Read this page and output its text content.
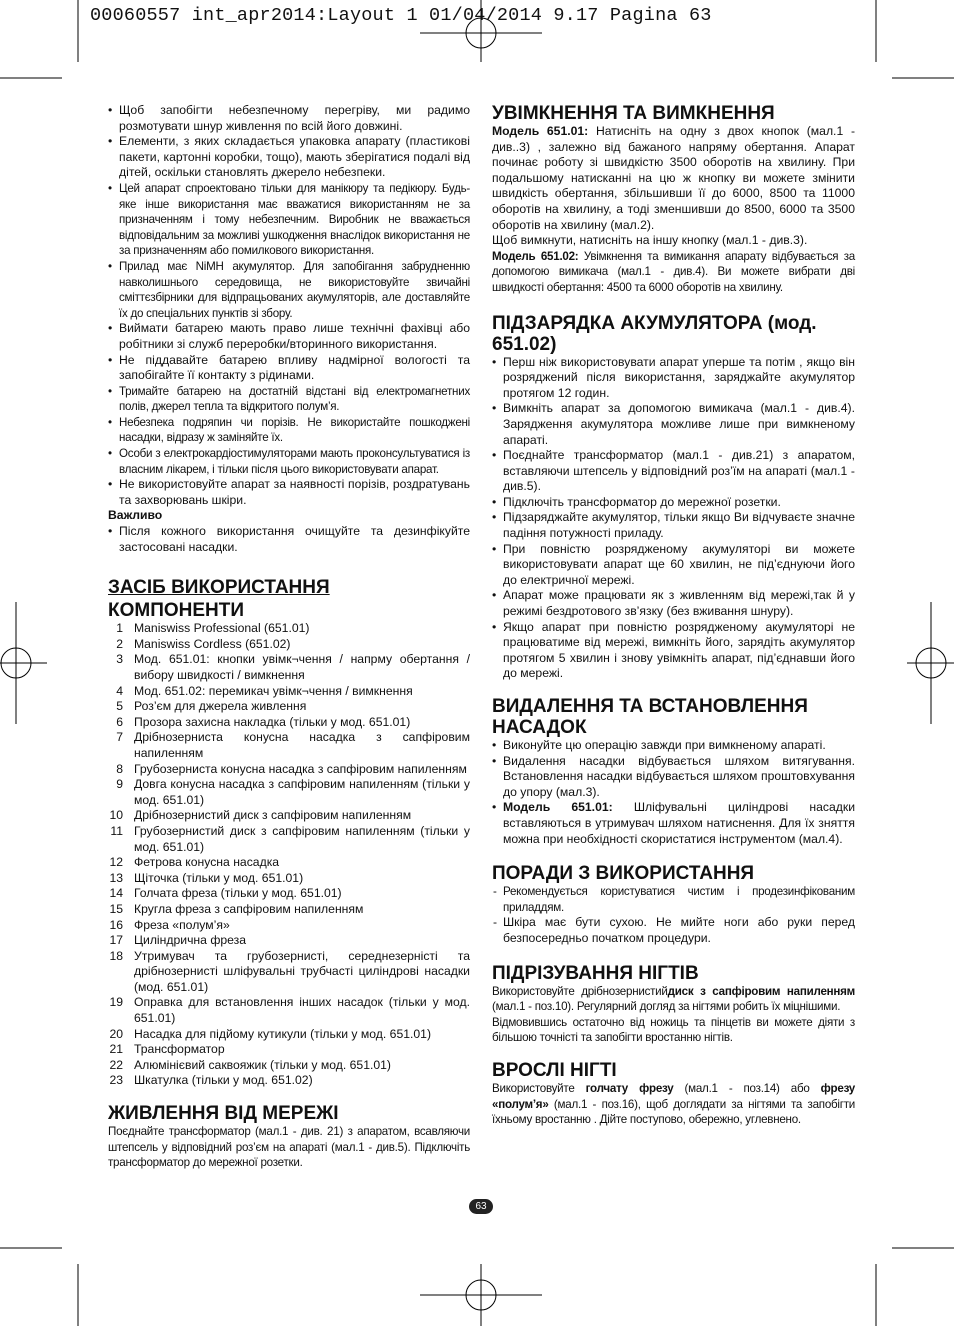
00060557 int_apr2014:Layout 1 01/04/2014 9.17 Pagina 63
• Щоб запобігти небезпечному перегріву, ми радимо розмотувати шнур живлення по всій його довжині.
• Елементи, з яких складається упаковка апарату (пластикові пакети, картонні коробки, тощо), мають зберігатися подалі від дітей, оскільки становлять джерело небезпеки.
• Цей апарат спроектовано тільки для манікюру та педікюру. Будь-яке інше використання має вважатися використанням не за призначенням і тому небезпечним. Виробник не вважається відповідальним за можливі ушкодження внаслідок використання не за призначенням або помилкового використання.
• Прилад має NiMH акумулятор. Для запобігання забрудненню навколишнього середовища, не використовуйте звичайні сміттєзбірники для відпрацьованих акумуляторів, але доставляйте їх до спеціальних пунктів зі збору.
• Виймати батарею мають право лише технічні фахівці або робітники зі служб переробки/вторинного використання.
• Не піддавайте батарею впливу надмірної вологості та запобігайте її контакту з рідинами.
• Тримайте батарею на достатній відстані від електромагнетних полів, джерел тепла та відкритого полум’я.
• Небезпека подряпин чи порізів. Не використайте пошкоджені насадки, відразу ж заміняйте їх.
• Особи з електрокардіостимуляторами мають проконсультуватися із власним лікарем, і тільки після цього використовувати апарат.
• Не використовуйте апарат за наявності порізів, роздратувань та захворювань шкіри.
Важливо
• Після кожного використання очищуйте та дезинфікуйте застосовані насадки.
ЗАСІБ ВИКОРИСТАННЯ
КОМПОНЕНТИ
1 Maniswiss Professional (651.01)
2 Maniswiss Cordless (651.02)
3 Мод. 651.01: кнопки увімк¬чення / напрму обертання / вибору швидкості / вимкнення
4 Мод. 651.02: перемикач увімк¬чення / вимкнення
5 Роз’єм для джерела живлення
6 Прозора захисна накладка (тільки у мод. 651.01)
7 Дрібнозерниста конусна насадка з сапфіровим напиленням
8 Грубозерниста конусна насадка з сапфіровим напиленням
9 Довга конусна насадка з сапфіровим напиленням (тільки у мод. 651.01)
10 Дрібнозернистий диск з сапфіровим напиленням
11 Грубозернистий диск з сапфіровим напиленням (тільки у мод. 651.01)
12 Фетрова конусна насадка
13 Щіточка (тільки у мод. 651.01)
14 Голчата фреза (тільки у мод. 651.01)
15 Кругла фреза з сапфіровим напиленням
16 Фреза «полум’я»
17 Циліндрична фреза
18 Утримувач та грубозернисті, середнезерністі та дрібнозернисті шліфувальні трубчасті циліндрові насадки (мод. 651.01)
19 Оправка для встановлення інших насадок (тільки у мод. 651.01)
20 Насадка для підйому кутикули (тільки у мод. 651.01)
21 Трансформатор
22 Алюмінієвий саквояжик (тільки у мод. 651.01)
23 Шкатулка (тільки у мод. 651.02)
ЖИВЛЕННЯ ВІД МЕРЕЖІ

Поєднайте трансформатор (мал.1 - див. 21) з апаратом, всавляючи штепсель у відповідний роз’єм на апараті (мал.1 - див.5). Підключіть трансформатор до мережної розетки.

УВІМКНЕННЯ ТА ВИМКНЕННЯ

Модель 651.01: Натисніть на одну з двох кнопок (мал.1 - див..3) , залежно від бажаного напряму обертання. Апарат починає роботу зі швидкістю 3500 оборотів на хвилину. При подальшому натисканні на цю ж кнопку ви можете змінити швидкість обертання, збільшивши її до 6000, 8500 та 11000 оборотів на хвилину, а тоді зменшивши до 8500, 6000 та 3500 оборотів на хвилину (мал.2).

Щоб вимкнути, натисніть на іншу кнопку (мал.1 - див.3).

Модель 651.02: Увімкнення та вимикання апарату відбувається за допомогою вимикача (мал.1 - див.4). Ви можете вибрати дві швидкості обертання: 4500 та 6000 оборотів на хвилину.

ПІДЗАРЯДКА АКУМУЛЯТОРА (мод. 651.02)
• Перш ніж використовувати апарат уперше та потім , якщо він розряджений після використання, заряджайте акумулятор протягом 12 годин.
• Вимкніть апарат за допомогою вимикача (мал.1 - див.4). Зарядження акумулятора можливе лише при вимкненому апараті.
• Поєднайте трансформатор (мал.1 - див.21) з апаратом, вставляючи штепсель у відповідний роз’їм на апараті (мал.1 - див.5).
• Підключіть трансформатор до мережної розетки.
• Підзаряджайте акумулятор, тільки якщо Ви відчуваєте значне падіння потужності приладу.
• При повністю розрядженому акумуляторі ви можете використовувати апарат ще 60 хвилин, не під’єднуючи його до електричної мережі.
• Апарат може працювати як з живленням від мережі,так й у режимі бездротового зв’язку (без вживання шнуру).
• Якщо апарат при повністю розрядженому акумуляторі не працюватиме від мережі, вимкніть його, зарядіть акумулятор протягом 5 хвилин і знову увімкніть апарат, під’єднавши його до мережі.
ВИДАЛЕННЯ ТА ВСТАНОВЛЕННЯ НАСАДОК
• Виконуйте цю операцію завжди при вимкненому апараті.
• Видалення насадки відбувається шляхом витягування. Встановлення насадки відбувається шляхом проштовхування до упору (мал.3).
• Модель 651.01: Шліфувальні циліндрові насадки вставляються в утримувач шляхом натиснення. Для їх зняття можна при необхідності скористатися інструментом (мал.4).
ПОРАДИ З ВИКОРИСТАННЯ
- Рекомендується користуватися чистим і продезинфікованим приладдям.
- Шкіра має бути сухою. Не мийте ноги або руки перед безпосередньо початком процедури.
ПІДРІЗУВАННЯ НІГТІВ

Використовуйте дрібнозернистийдиск з сапфіровим напиленням (мал.1 - поз.10). Регулярний догляд за нігтями робить їх міцнішими.

Відмовившись остаточно від ножиць та пінцетів ви можете діяти з більшою точністі та запобігти вростанню нігтів.

ВРОСЛІ НІГТІ

Використовуйте голчату фрезу (мал.1 - поз.14) або фрезу «полум’я» (мал.1 - поз.16), щоб доглядати за нігтями та запобігти їхньому вростанню . Дійте поступово, обережно, углевнено.

63
